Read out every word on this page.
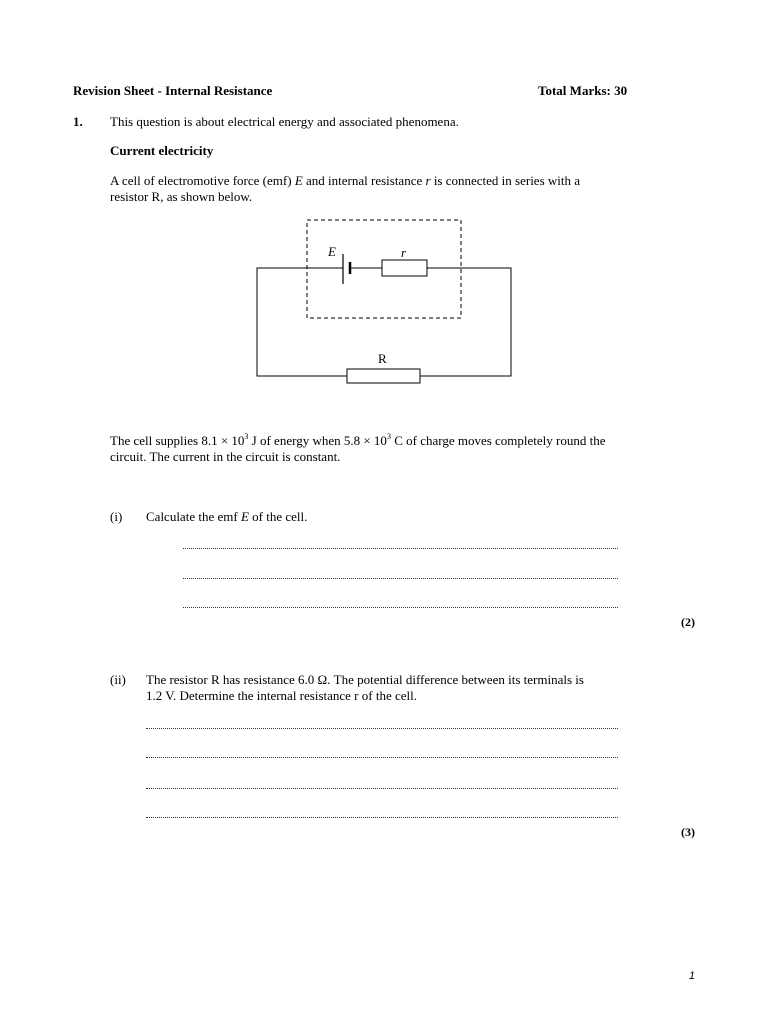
Revision Sheet - Internal Resistance	Total Marks: 30
1. This question is about electrical energy and associated phenomena.
Current electricity
A cell of electromotive force (emf) E and internal resistance r is connected in series with a
resistor R, as shown below.
E	r
R
The cell supplies $8.1 \times 10^3$ J of energy when $5.8 \times 10^3$ C of charge moves completely round the
circuit. The current in the circuit is constant.
(i) Calculate the emf E of the cell.
(2)
(ii) The resistor R has resistance 6.0 Ω. The potential difference between its terminals is
1.2 V. Determine the internal resistance r of the cell.
(3)
1
